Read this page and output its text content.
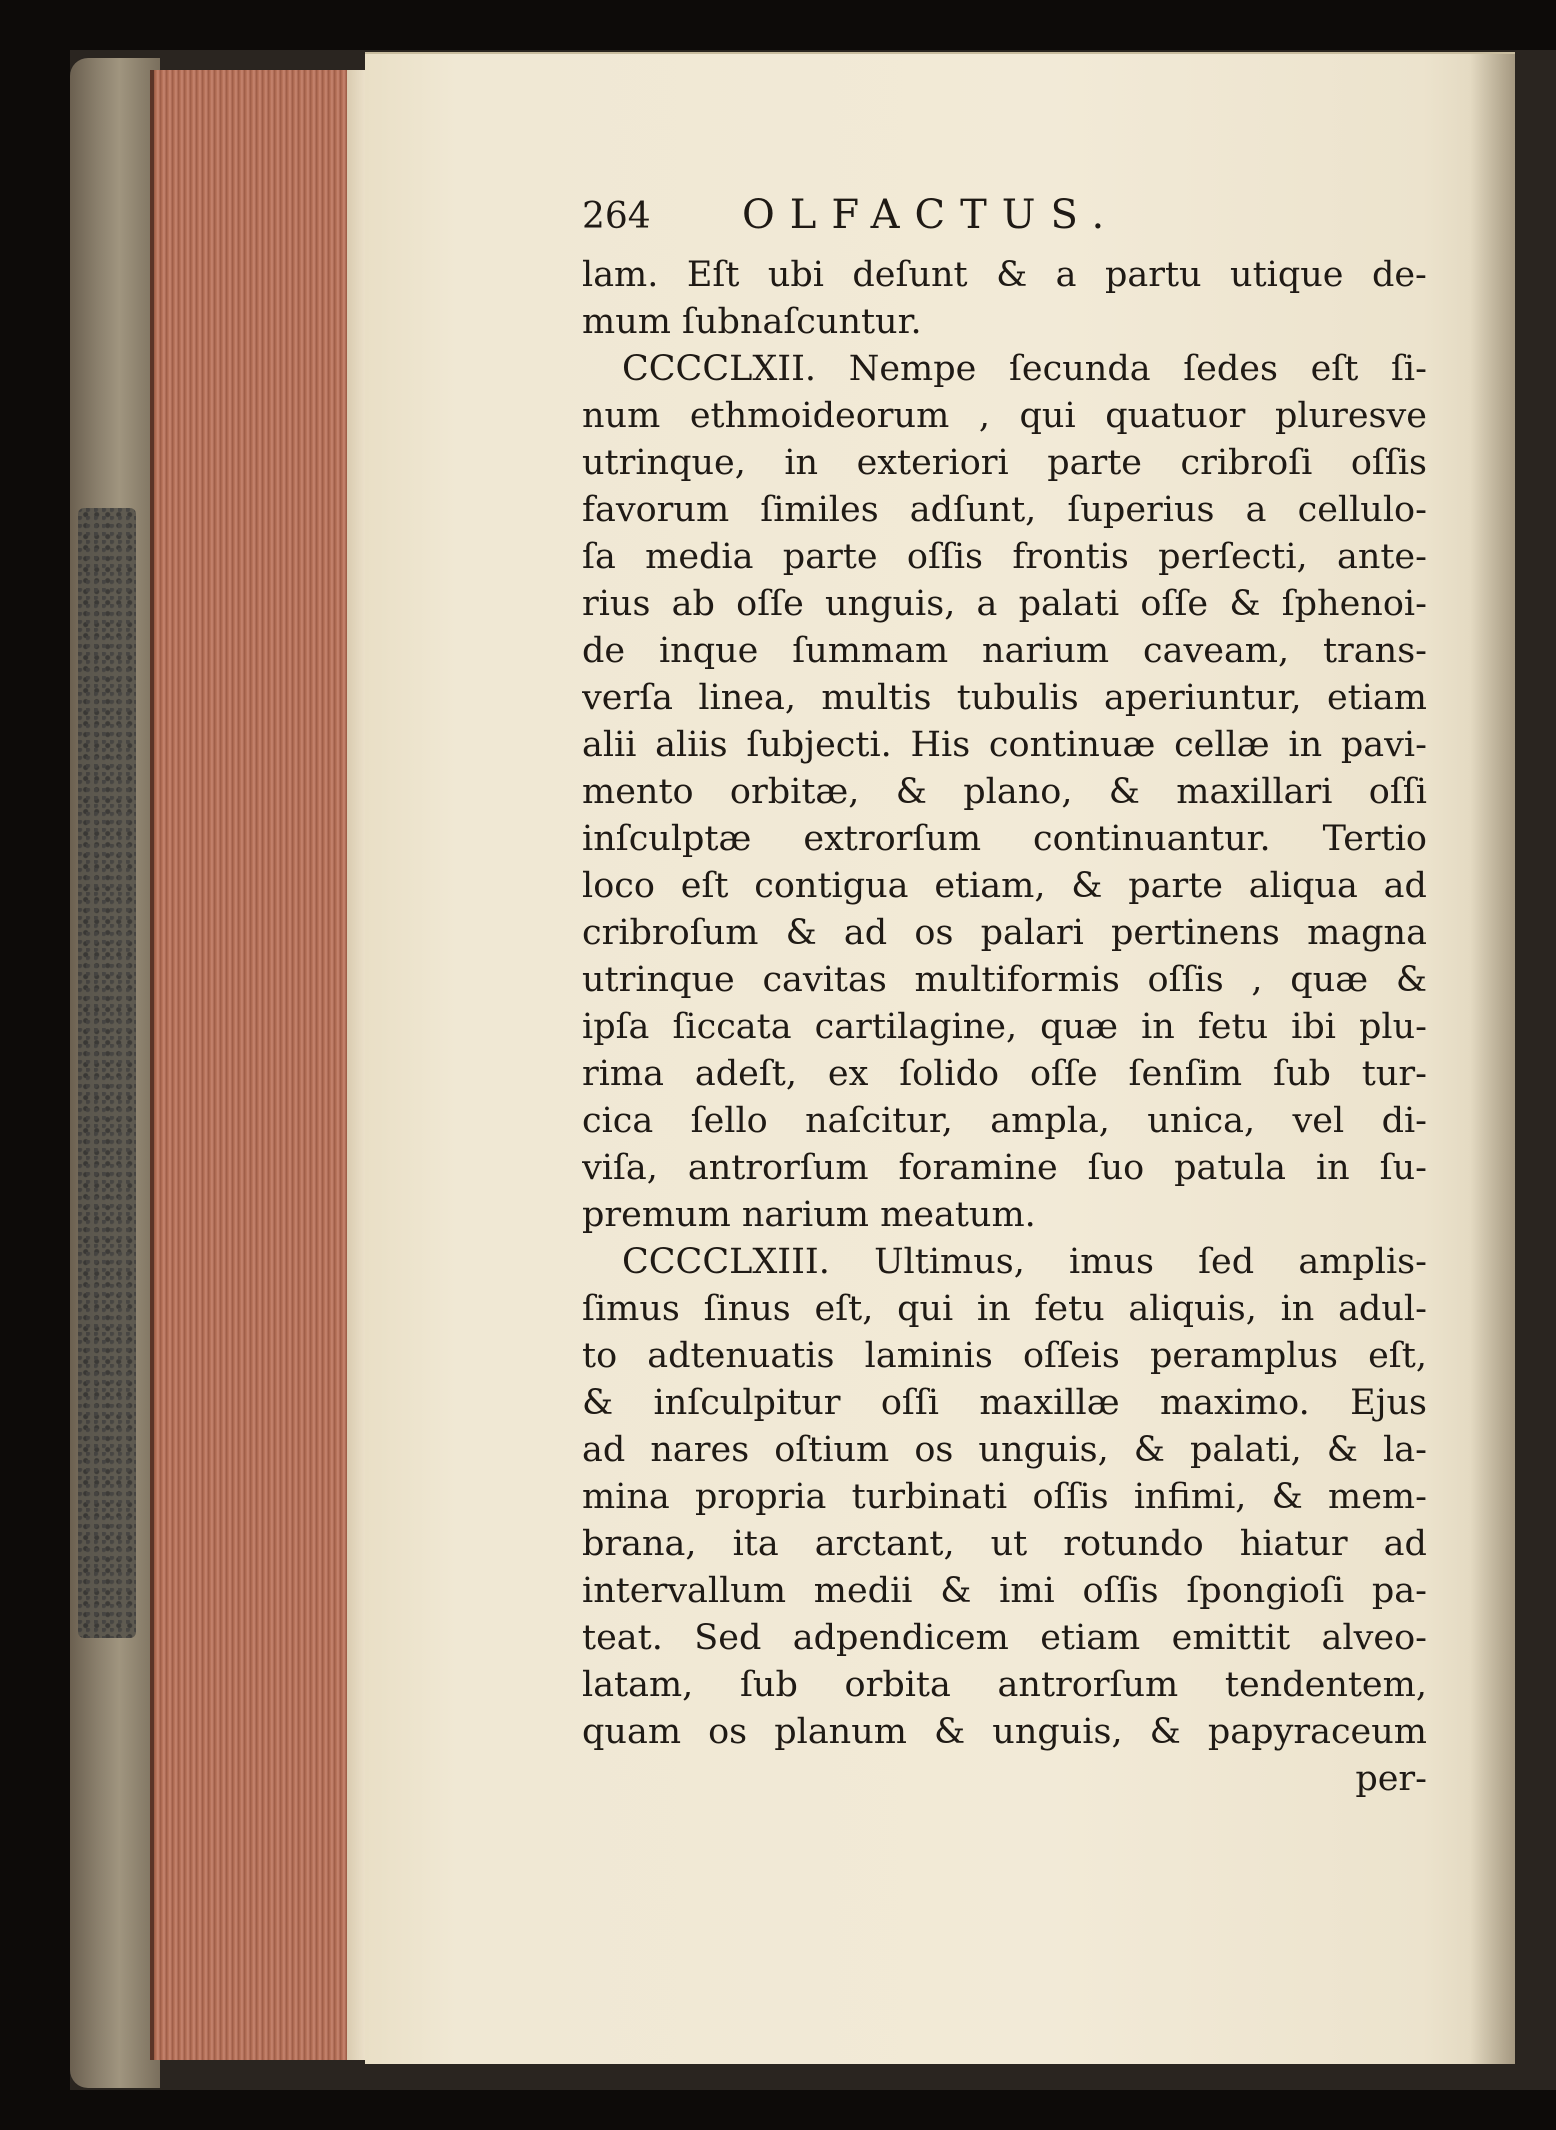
264	OLFACTUS.
lam. Eſt ubi deſunt & a partu utique de-
mum ſubnaſcuntur.
CCCCLXII. Nempe ſecunda ſedes eſt ſi-
num ethmoideorum , qui quatuor pluresve
utrinque, in exteriori parte cribroſi oſſis
favorum ſimiles adſunt, ſuperius a cellulo-
ſa media parte oſſis frontis perſecti, ante-
rius ab oſſe unguis, a palati oſſe & ſphenoi-
de inque ſummam narium caveam, trans-
verſa linea, multis tubulis aperiuntur, etiam
alii aliis ſubjecti. His continuæ cellæ in pavi-
mento orbitæ, & plano, & maxillari oſſi
inſculptæ extrorſum continuantur. Tertio
loco eſt contigua etiam, & parte aliqua ad
cribroſum & ad os palari pertinens magna
utrinque cavitas multiformis oſſis , quæ &
ipſa ſiccata cartilagine, quæ in fetu ibi plu-
rima adeſt, ex ſolido oſſe ſenſim ſub tur-
cica ſello naſcitur, ampla, unica, vel di-
viſa, antrorſum foramine ſuo patula in ſu-
premum narium meatum.
CCCCLXIII. Ultimus, imus ſed amplis-
ſimus ſinus eſt, qui in fetu aliquis, in adul-
to adtenuatis laminis oſſeis peramplus eſt,
& inſculpitur oſſi maxillæ maximo. Ejus
ad nares oſtium os unguis, & palati, & la-
mina propria turbinati oſſis infimi, & mem-
brana, ita arctant, ut rotundo hiatur ad
intervallum medii & imi oſſis ſpongioſi pa-
teat. Sed adpendicem etiam emittit alveo-
latam, ſub orbita antrorſum tendentem,
quam os planum & unguis, & papyraceum
per-
